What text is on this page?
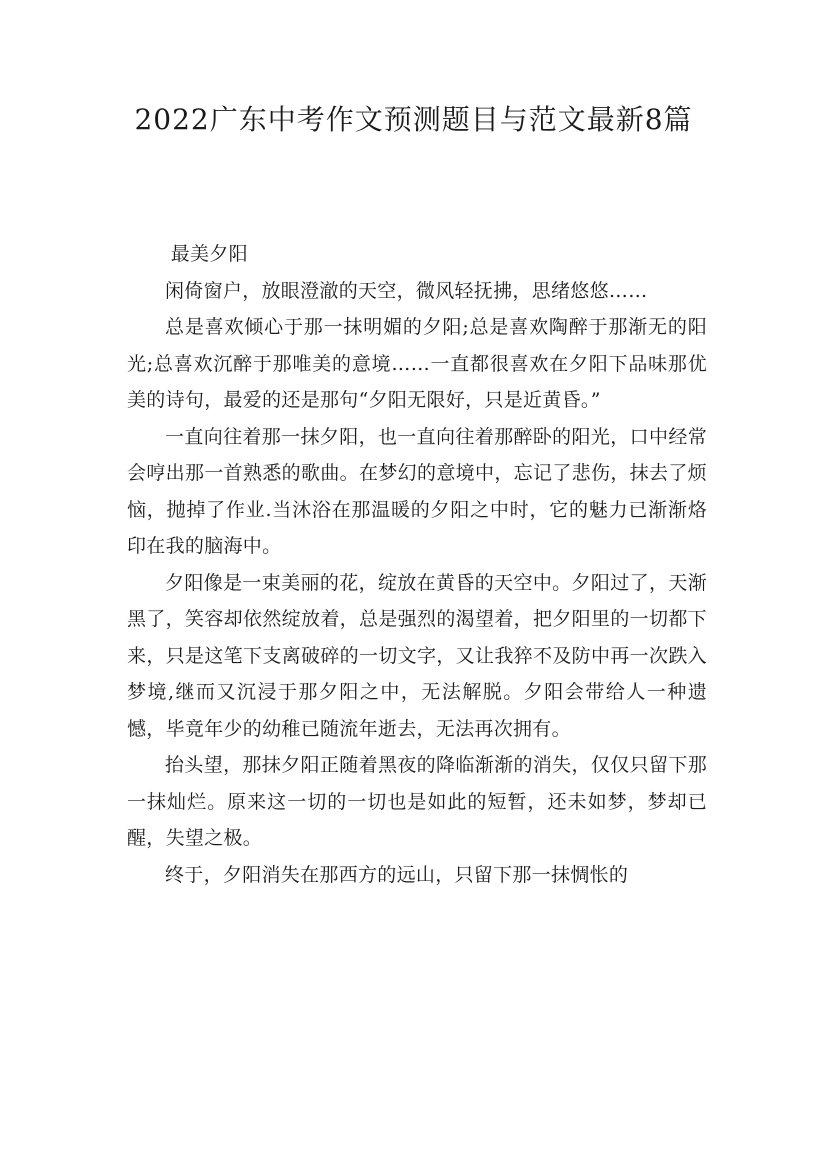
2022广东中考作文预测题目与范文最新8篇

最美夕阳

闲倚窗户，放眼澄澈的天空，微风轻抚拂，思绪悠悠……

总是喜欢倾心于那一抹明媚的夕阳;总是喜欢陶醉于那渐无的阳光;总喜欢沉醉于那唯美的意境……一直都很喜欢在夕阳下品味那优美的诗句，最爱的还是那句“夕阳无限好，只是近黄昏。”

一直向往着那一抹夕阳，也一直向往着那醉卧的阳光，口中经常会哼出那一首熟悉的歌曲。在梦幻的意境中，忘记了悲伤，抹去了烦恼，抛掉了作业.当沐浴在那温暖的夕阳之中时，它的魅力已渐渐烙印在我的脑海中。

夕阳像是一束美丽的花，绽放在黄昏的天空中。夕阳过了，天渐黑了，笑容却依然绽放着，总是强烈的渴望着，把夕阳里的一切都下来，只是这笔下支离破碎的一切文字，又让我猝不及防中再一次跌入梦境,继而又沉浸于那夕阳之中，无法解脱。夕阳会带给人一种遗憾，毕竟年少的幼稚已随流年逝去，无法再次拥有。

抬头望，那抹夕阳正随着黑夜的降临渐渐的消失，仅仅只留下那一抹灿烂。原来这一切的一切也是如此的短暂，还未如梦，梦却已醒，失望之极。

终于，夕阳消失在那西方的远山，只留下那一抹惆怅的
